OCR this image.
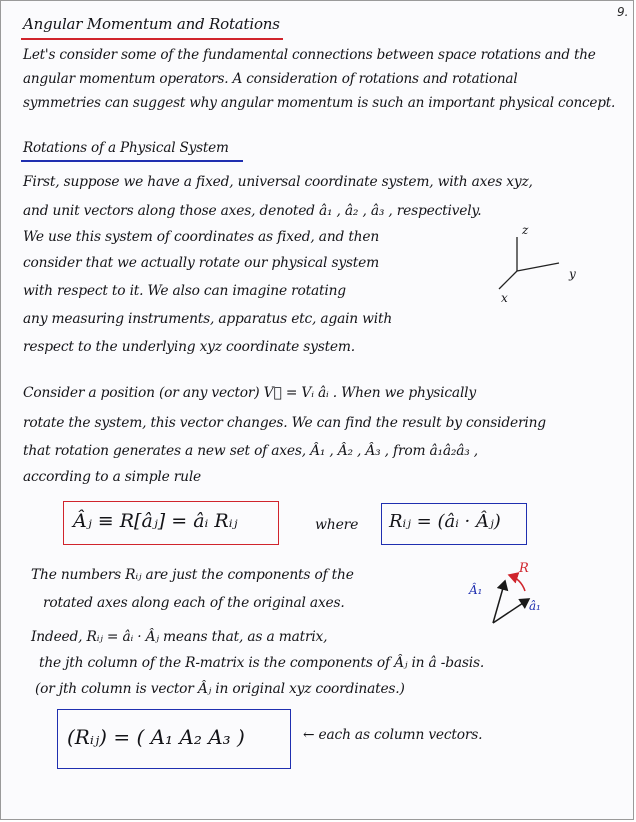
9.
Angular Momentum and Rotations
Let's consider some of the fundamental connections between space rotations and the
angular momentum operators. A consideration of rotations and rotational
symmetries can suggest why angular momentum is such an important physical concept.
Rotations of a Physical System
First, suppose we have a fixed, universal coordinate system, with axes xyz,
and unit vectors along those axes, denoted â₁ , â₂ , â₃ , respectively.
We use this system of coordinates as fixed, and then
consider that we actually rotate our physical system
with respect to it. We also can imagine rotating
any measuring instruments, apparatus etc, again with
respect to the underlying xyz coordinate system.
z
y
x
Consider a position (or any vector) V⃗ = Vᵢ âᵢ . When we physically
rotate the system, this vector changes. We can find the result by considering
that rotation generates a new set of axes, Â₁ , Â₂ , Â₃ , from â₁â₂â₃ ,
according to a simple rule
Âⱼ ≡ R[âⱼ] = âᵢ Rᵢⱼ	where Rᵢⱼ = (âᵢ · Âⱼ)
The numbers Rᵢⱼ are just the components of the
rotated axes along each of the original axes.
R
Â₁
â₁
Indeed, Rᵢⱼ = âᵢ · Âⱼ means that, as a matrix,
the jth column of the R-matrix is the components of Âⱼ in â -basis.
(or jth column is vector Âⱼ in original xyz coordinates.)
(Rᵢⱼ) = ( A₁ A₂ A₃ )	← each as column vectors.
